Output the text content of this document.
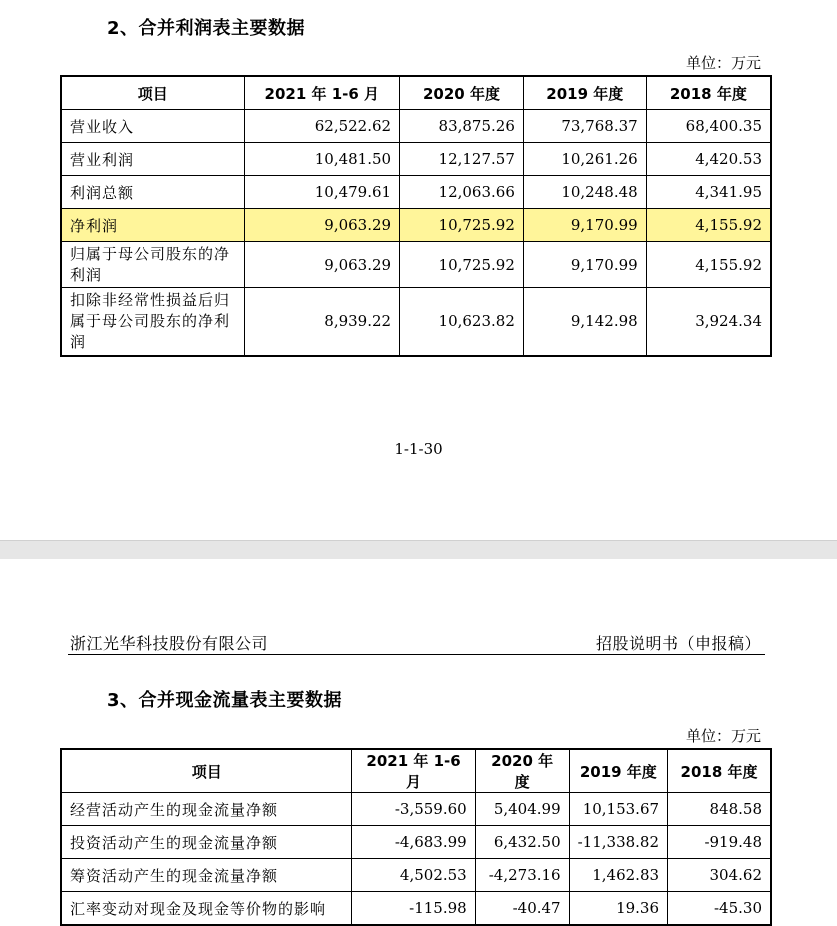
2、合并利润表主要数据
单位：万元
项目	2021 年 1-6 月	2020 年度	2019 年度	2018 年度
营业收入	62,522.62	83,875.26	73,768.37	68,400.35
营业利润	10,481.50	12,127.57	10,261.26	4,420.53
利润总额	10,479.61	12,063.66	10,248.48	4,341.95
净利润	9,063.29	10,725.92	9,170.99	4,155.92
归属于母公司股东的净利润	9,063.29	10,725.92	9,170.99	4,155.92
扣除非经常性损益后归属于母公司股东的净利润	8,939.22	10,623.82	9,142.98	3,924.34
1-1-30
浙江光华科技股份有限公司	招股说明书（申报稿）
3、合并现金流量表主要数据
单位：万元
项目	2021 年 1-6 月	2020 年度	2019 年度	2018 年度
经营活动产生的现金流量净额	-3,559.60	5,404.99	10,153.67	848.58
投资活动产生的现金流量净额	-4,683.99	6,432.50	-11,338.82	-919.48
筹资活动产生的现金流量净额	4,502.53	-4,273.16	1,462.83	304.62
汇率变动对现金及现金等价物的影响	-115.98	-40.47	19.36	-45.30
